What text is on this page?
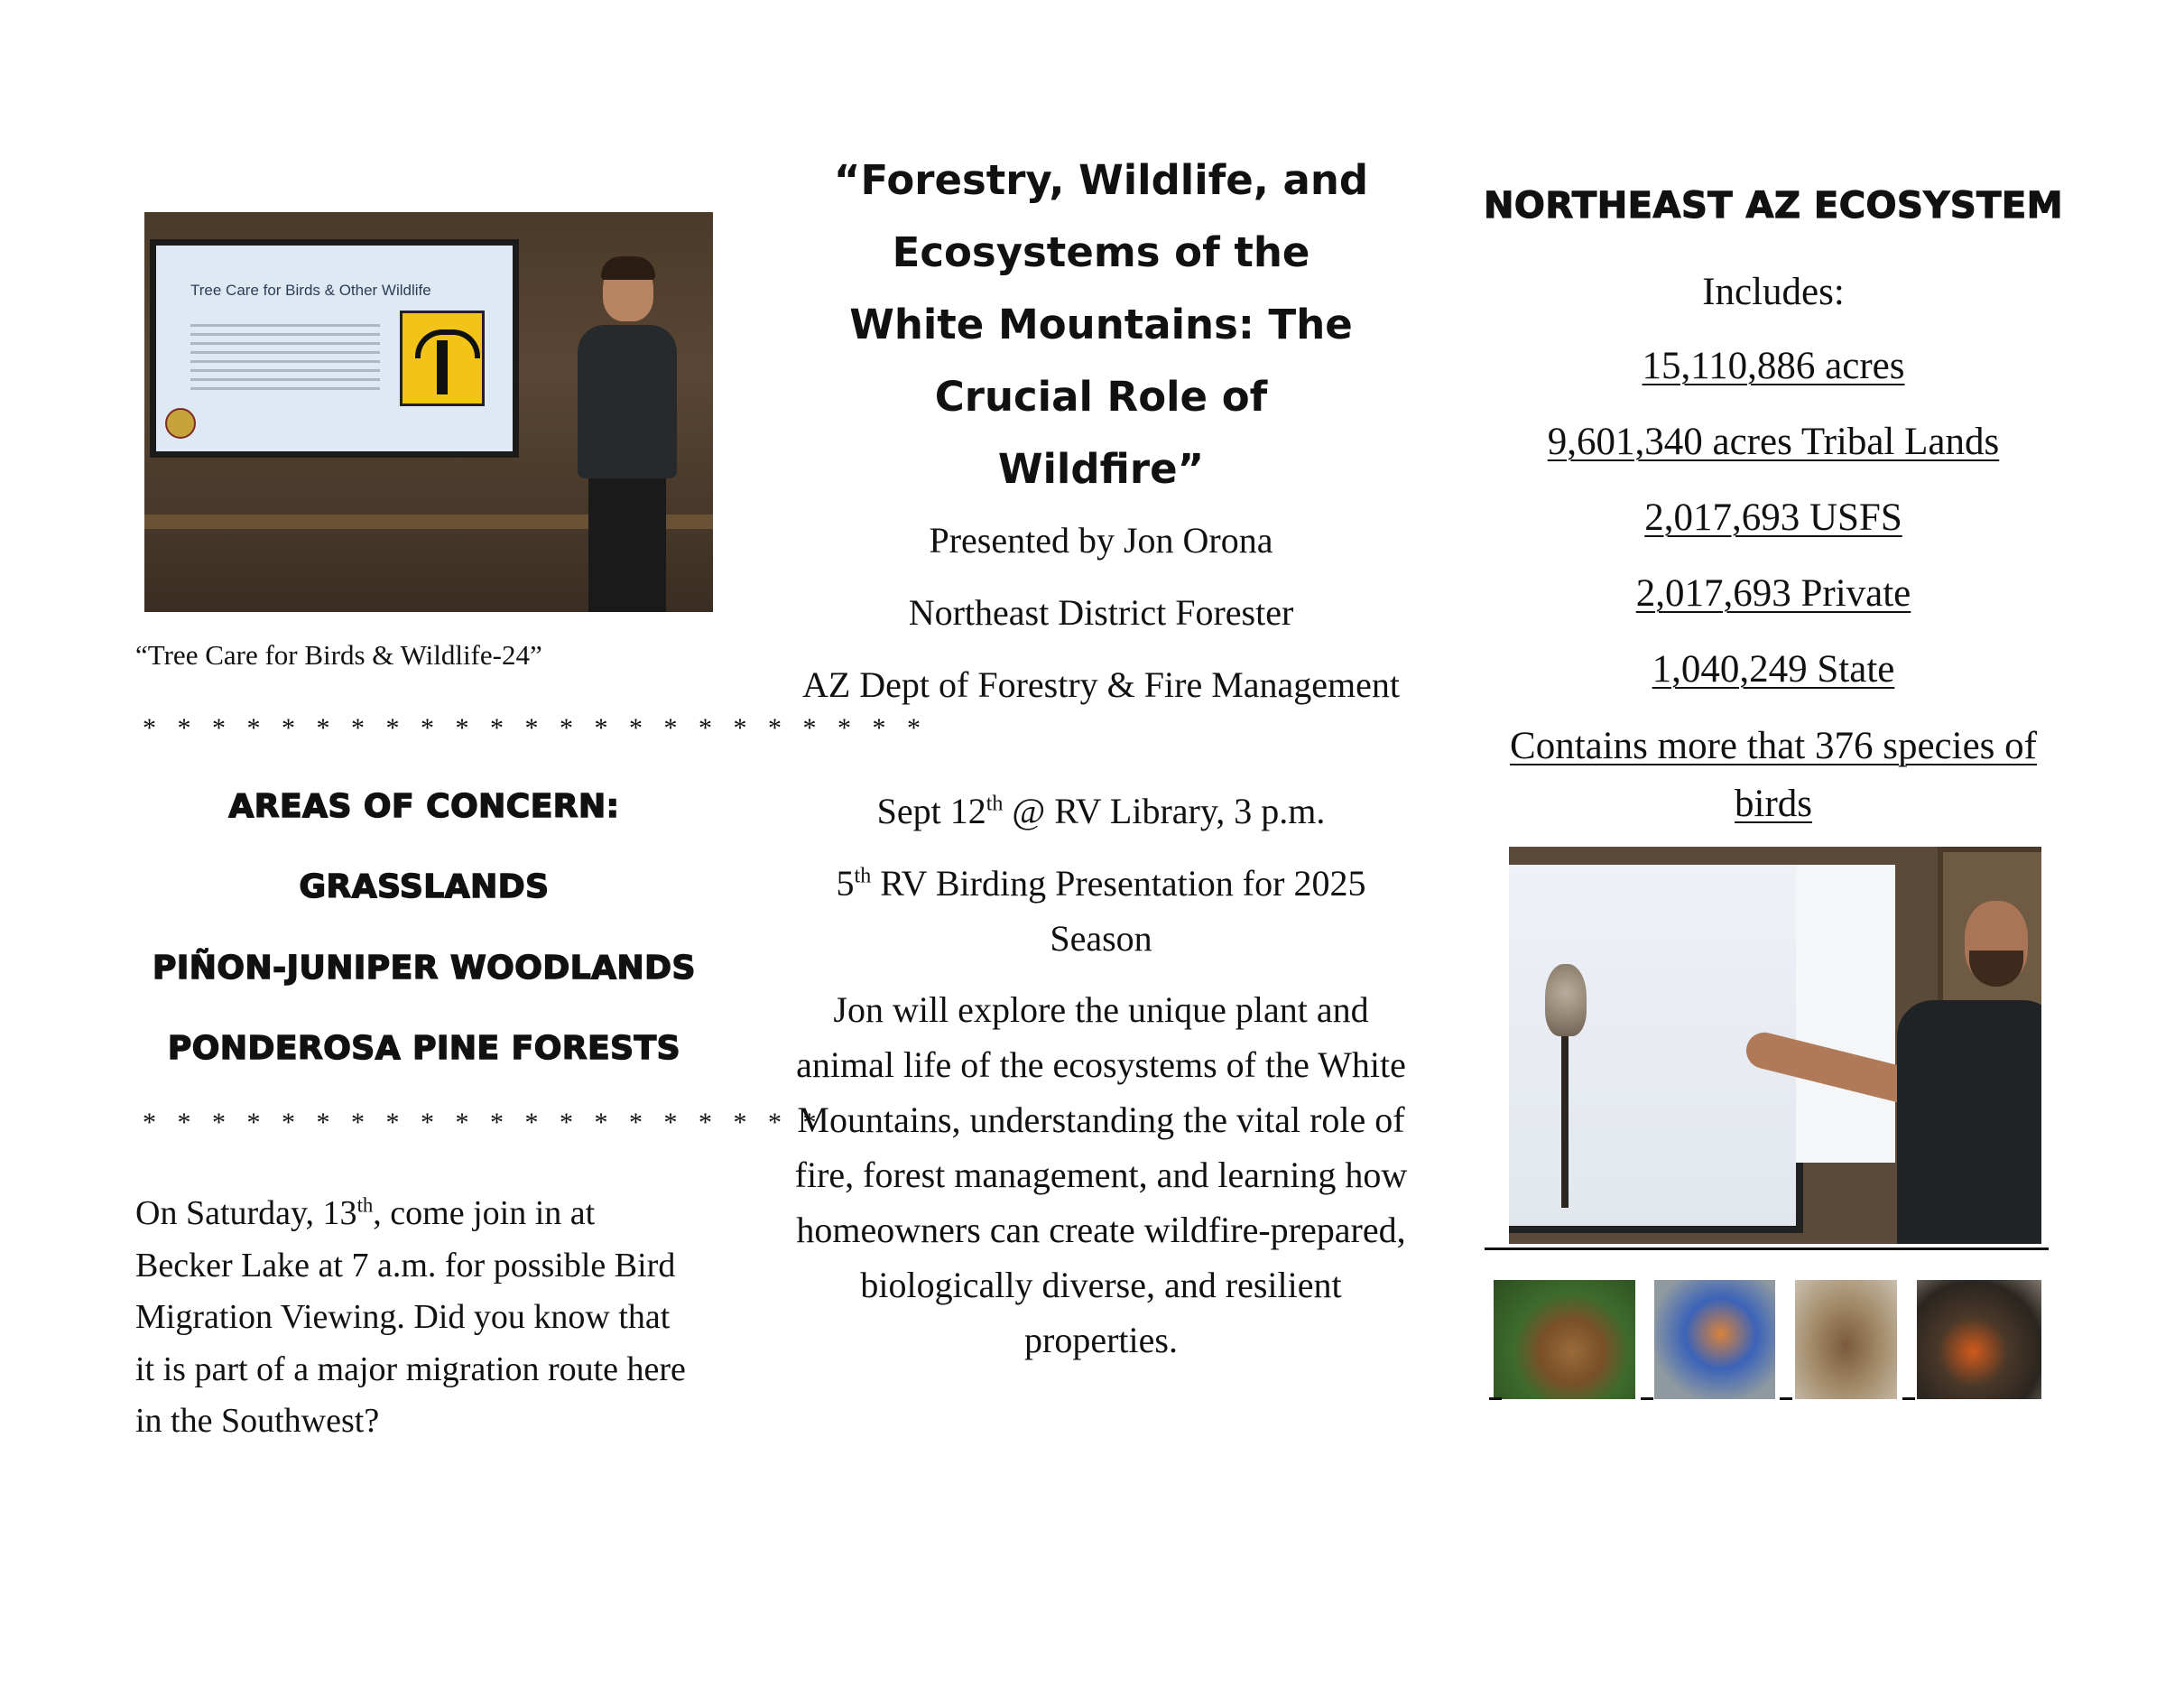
Tree Care for Birds & Other Wildlife
“Tree Care for Birds & Wildlife-24”
* * * * * * * * * * * * * * * * * * * * * * *
AREAS OF CONCERN:
GRASSLANDS
PIÑON-JUNIPER WOODLANDS
PONDEROSA PINE FORESTS
* * * * * * * * * * * * * * * * * * * *
On Saturday, 13th, come join in at Becker Lake at 7 a.m. for possible Bird Migration Viewing. Did you know that it is part of a major migration route here in the Southwest?
“Forestry, Wildlife, and
Ecosystems of the
White Mountains: The
Crucial Role of
Wildfire”
Presented by Jon Orona
Northeast District Forester
AZ Dept of Forestry & Fire Management
Sept 12th @ RV Library, 3 p.m.
5th RV Birding Presentation for 2025 Season
Jon will explore the unique plant and animal life of the ecosystems of the White Mountains, understanding the vital role of fire, forest management, and learning how homeowners can create wildfire-prepared, biologically diverse, and resilient properties.
NORTHEAST AZ ECOSYSTEM
Includes:
15,110,886 acres
9,601,340 acres Tribal Lands
2,017,693 USFS
2,017,693 Private
1,040,249 State
Contains more that 376 species of birds
